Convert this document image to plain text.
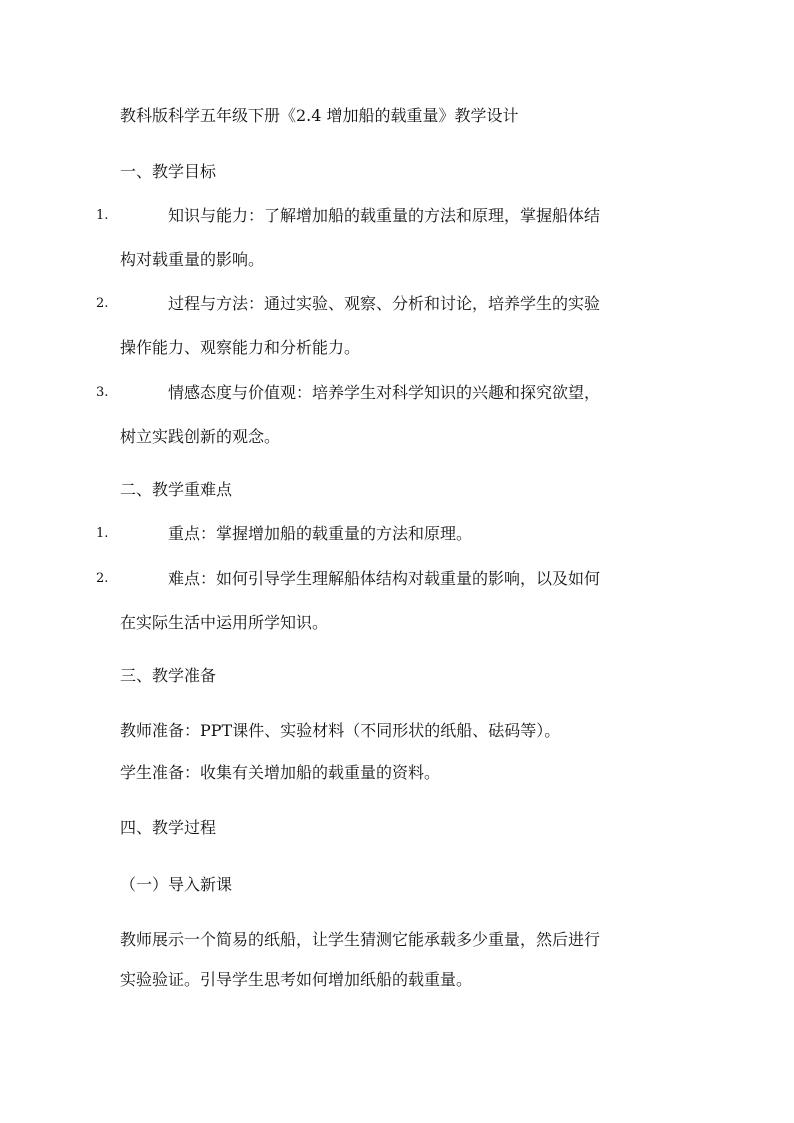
教科版科学五年级下册《2.4 增加船的载重量》教学设计
一、教学目标
1.	知识与能力：了解增加船的载重量的方法和原理，掌握船体结
构对载重量的影响。
2.	过程与方法：通过实验、观察、分析和讨论，培养学生的实验
操作能力、观察能力和分析能力。
3.	情感态度与价值观：培养学生对科学知识的兴趣和探究欲望，
树立实践创新的观念。
二、教学重难点
1.	重点：掌握增加船的载重量的方法和原理。
2.	难点：如何引导学生理解船体结构对载重量的影响，以及如何
在实际生活中运用所学知识。
三、教学准备
教师准备：PPT课件、实验材料（不同形状的纸船、砝码等）。
学生准备：收集有关增加船的载重量的资料。
四、教学过程
（一）导入新课
教师展示一个简易的纸船，让学生猜测它能承载多少重量，然后进行
实验验证。引导学生思考如何增加纸船的载重量。
